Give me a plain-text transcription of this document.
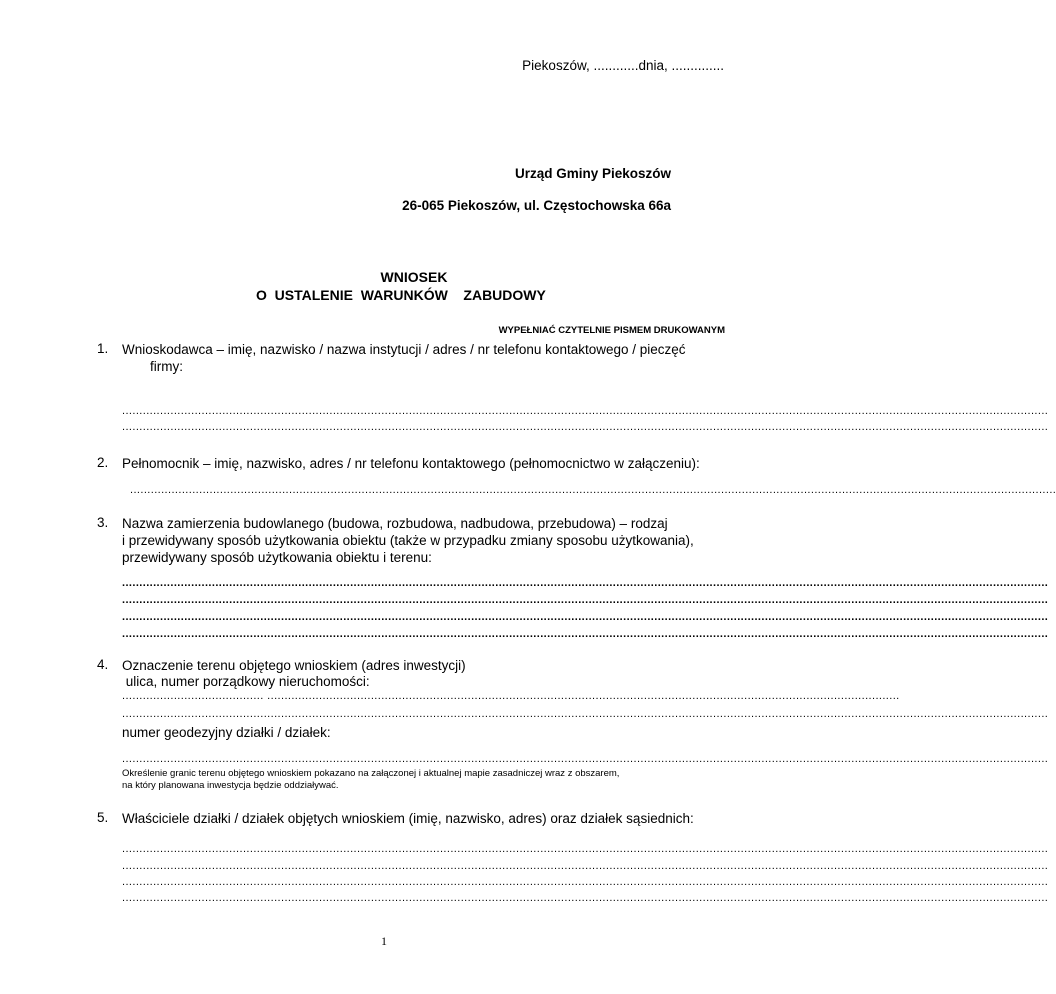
Piekoszów, ............dnia, ..............
Urząd Gminy Piekoszów
26-065 Piekoszów, ul. Częstochowska 66a
WNIOSEK
O  USTALENIE  WARUNKÓW    ZABUDOWY
WYPEŁNIAĆ CZYTELNIE PISMEM DRUKOWANYM
1. Wnioskodawca – imię, nazwisko / nazwa instytucji / adres / nr telefonu kontaktowego / pieczęć
firmy:
............................................................................................................................................................................................................................................................................
............................................................................................................................................................................................................................................................................
2. Pełnomocnik – imię, nazwisko, adres / nr telefonu kontaktowego (pełnomocnictwo w załączeniu):
............................................................................................................................................................................................................................................................................
3. Nazwa zamierzenia budowlanego (budowa, rozbudowa, nadbudowa, przebudowa) – rodzaj
i przewidywany sposób użytkowania obiektu (także w przypadku zmiany sposobu użytkowania),
przewidywany sposób użytkowania obiektu i terenu:
............................................................................................................................................................................................................................................................................
............................................................................................................................................................................................................................................................................
............................................................................................................................................................................................................................................................................
............................................................................................................................................................................................................................................................................
4. Oznaczenie terenu objętego wnioskiem (adres inwestycji)
ulica, numer porządkowy nieruchomości:
......................................... .......................................................................................................................................................................................
............................................................................................................................................................................................................................................................................
numer geodezyjny działki / działek:
............................................................................................................................................................................................................................................................................
Określenie granic terenu objętego wnioskiem pokazano na załączonej i aktualnej mapie zasadniczej wraz z obszarem,
na który planowana inwestycja będzie oddziaływać.
5. Właściciele działki / działek objętych wnioskiem (imię, nazwisko, adres) oraz działek sąsiednich:
............................................................................................................................................................................................................................................................................
............................................................................................................................................................................................................................................................................
............................................................................................................................................................................................................................................................................
............................................................................................................................................................................................................................................................................
1
